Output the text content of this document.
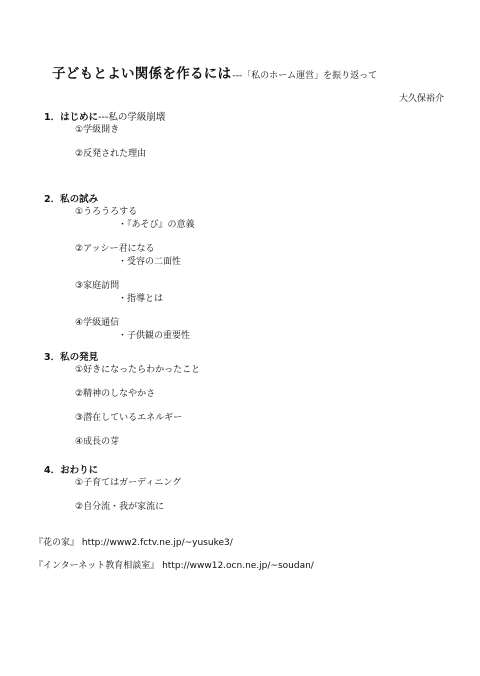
子どもとよい関係を作るには---「私のホーム運営」を振り返って
大久保裕介
1．はじめに---私の学級崩壊
①学級開き
②反発された理由
2．私の試み
①うろうろする
・『あそび』の意義
②アッシー君になる
・受容の二面性
③家庭訪問
・指導とは
④学級通信
・子供観の重要性
3．私の発見
①好きになったらわかったこと
②精神のしなやかさ
③潜在しているエネルギー
④成長の芽
4．おわりに
①子育てはガーディニング
②自分流・我が家流に
『花の家』 http://www2.fctv.ne.jp/~yusuke3/
『インターネット教育相談室』 http://www12.ocn.ne.jp/~soudan/
